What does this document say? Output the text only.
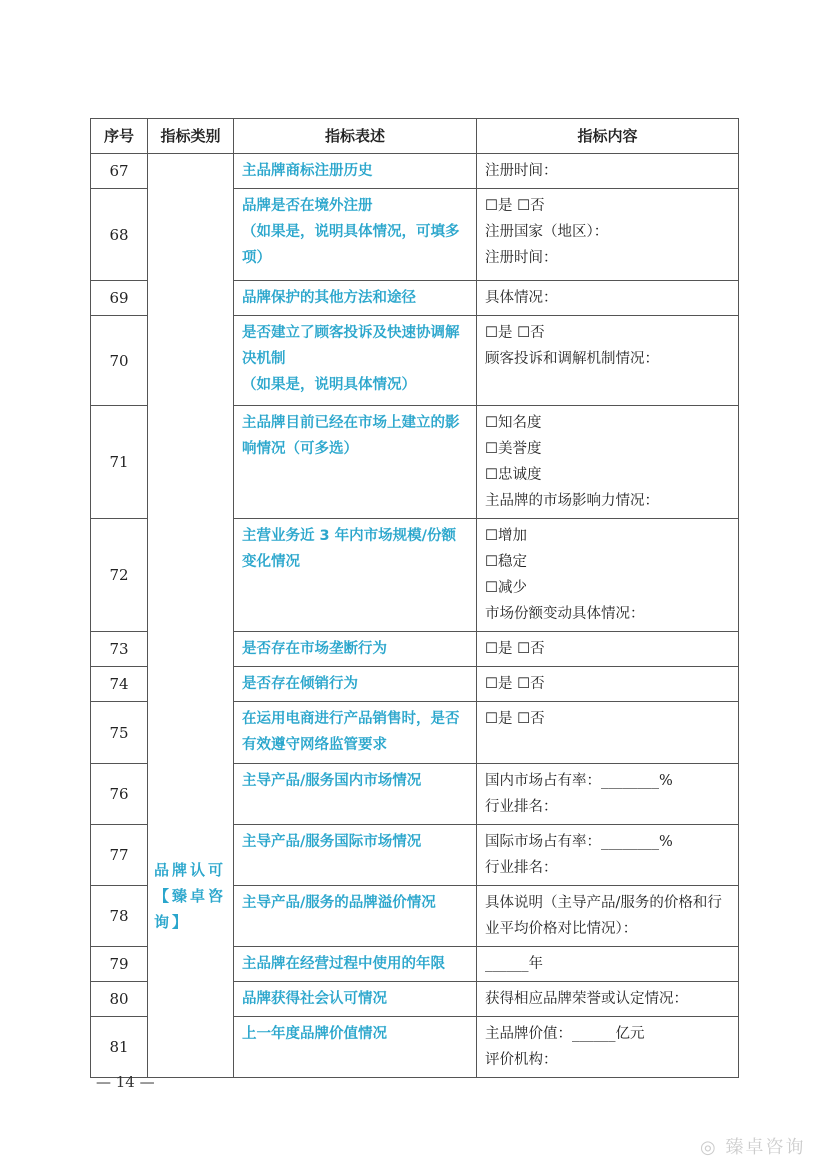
序号	指标类别	指标表述	指标内容
67	品牌认可【臻卓咨询】	主品牌商标注册历史	注册时间：

68		品牌是否在境外注册
（如果是，说明具体情况，可填多项）	☐是 ☐否
注册国家（地区）：
注册时间：

69		品牌保护的其他方法和途径	具体情况：

70		是否建立了顾客投诉及快速协调解决机制
（如果是，说明具体情况）	☐是 ☐否
顾客投诉和调解机制情况：

71		主品牌目前已经在市场上建立的影响情况（可多选）	☐知名度
☐美誉度
☐忠诚度
主品牌的市场影响力情况：

72		主营业务近 3 年内市场规模/份额变化情况	☐增加
☐稳定
☐减少
市场份额变动具体情况：

73		是否存在市场垄断行为	☐是 ☐否

74		是否存在倾销行为	☐是 ☐否

75		在运用电商进行产品销售时，是否有效遵守网络监管要求	☐是 ☐否

76		主导产品/服务国内市场情况	国内市场占有率：________%
行业排名：

77		主导产品/服务国际市场情况	国际市场占有率：________%
行业排名：

78		主导产品/服务的品牌溢价情况	具体说明（主导产品/服务的价格和行业平均价格对比情况）：

79		主品牌在经营过程中使用的年限	______年

80		品牌获得社会认可情况	获得相应品牌荣誉或认定情况：

81		上一年度品牌价值情况	主品牌价值：______亿元
评价机构：
— 14 —
◎ 臻卓咨询
